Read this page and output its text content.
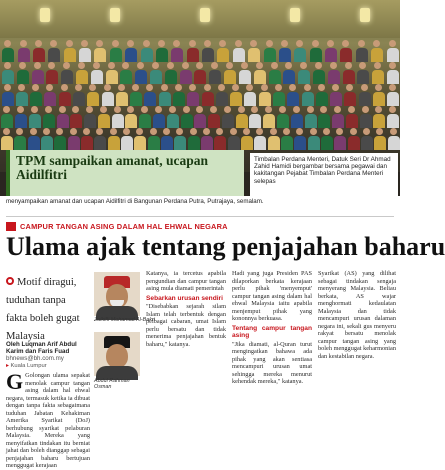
TPM sampaikan amanat, ucapan Aidilfitri

Timbalan Perdana Menteri, Datuk Seri Dr Ahmad Zahid Hamidi bergambar bersama pegawai dan kakitangan Pejabat Timbalan Perdana Menteri selepas

menyampaikan amanat dan ucapan Aidilfitri di Bangunan Perdana Putra, Putrajaya, semalam.

CAMPUR TANGAN ASING DALAM HAL EHWAL NEGARA
Ulama ajak tentang penjajahan baharu
Motif diragui, tuduhan tanpa fakta boleh gugat Malaysia
Oleh Luqman Arif Abdul Karim dan Faris Fuad
bhnews@bh.com.my
▸ Kuala Lumpur
G Golongan ulama sepakat menolak campur tangan asing dalam hal ehwal negara, termasuk ketika ia dibuat dengan tanpa fakta sebagaimana tuduhan Jabatan Kehakiman Amerika Syarikat (DoJ) berhubung syarikat pelaburan Malaysia. Mereka yang menyifatkan tindakan itu berniat jahat dan boleh dianggap sebagai penjajahan baharu bertujuan menggugat kerajaan
Zulkifli Mohamad Al-Bakri
Abdul Rahman Osman
Katanya, ia tercetus apabila pengundian dan campur tangan asing mula diamati pemerintah
Sebarkan urusan sendiri
"Disebabkan sejarah silam Islam telah terbentuk dengan pelbagai cabaran, umat Islam perlu bersatu dan tidak menerima penjajahan bentuk baharu," katanya.
Hadi yang juga Presiden PAS dilaporkan berkata kerajaan perlu pihak 'menyemput' campur tangan asing dalam hal ehwal Malaysia iaitu apabila menjemput pihak yang kononnya berkuasa.
Tentang campur tangan asing
"Jika diamati, al-Quran turut mengingatkan bahawa ada pihak yang akan sentiasa mencampuri urusan umat sehingga mereka menurut kehendak mereka," katanya.
Syarikat (AS) yang dilihat sebagai tindakan sengaja menyerang Malaysia. Beliau berkata, AS wajar menghormati kedaulatan Malaysia dan tidak mencampuri urusan dalaman negara ini, sekali gus menyeru rakyat bersatu menolak campur tangan asing yang boleh menggugat keharmonian dan kestabilan negara.
